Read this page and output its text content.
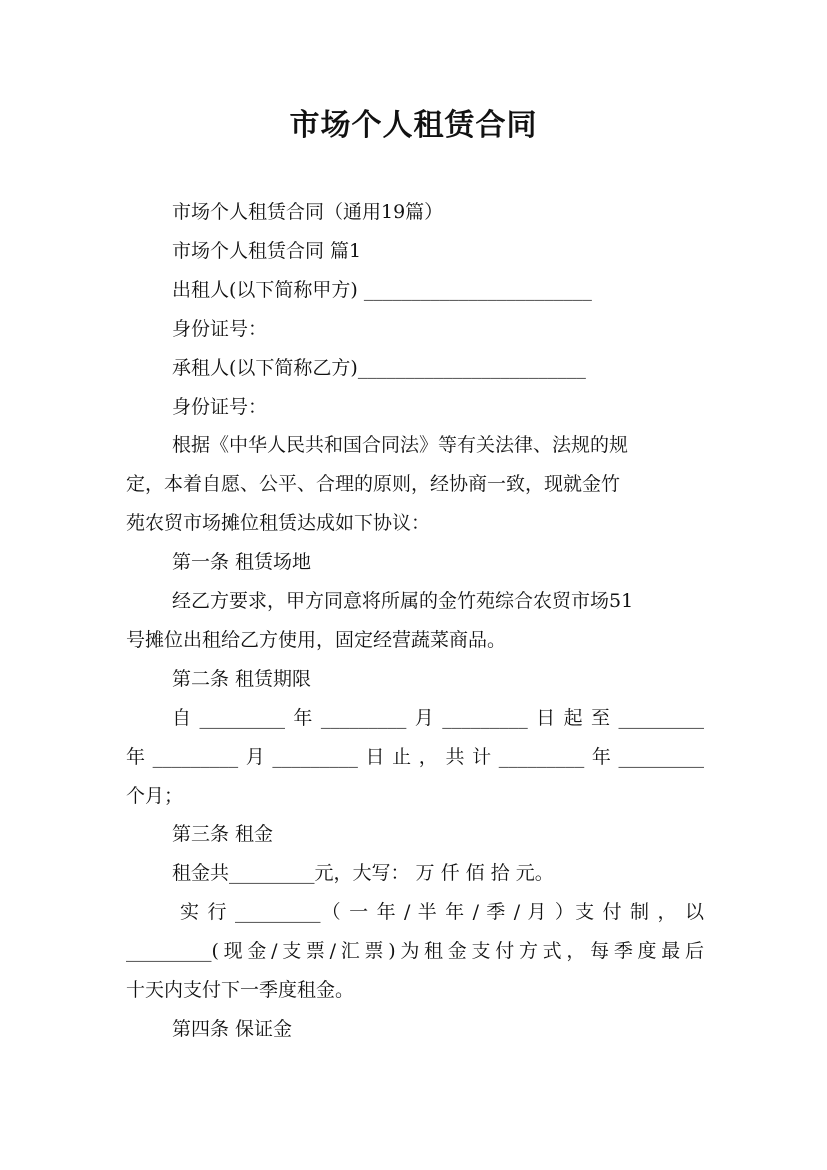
市场个人租赁合同
市场个人租赁合同（通用19篇）
市场个人租赁合同 篇1
出租人(以下简称甲方) ________________________
身份证号：
承租人(以下简称乙方)________________________
身份证号：
根据《中华人民共和国合同法》等有关法律、法规的规
定，本着自愿、公平、合理的原则，经协商一致，现就金竹
苑农贸市场摊位租赁达成如下协议：
第一条 租赁场地
经乙方要求，甲方同意将所属的金竹苑综合农贸市场51
号摊位出租给乙方使用，固定经营蔬菜商品。
第二条 租赁期限
自_________年_________月_________日起至_________
年_________月_________日止，共计_________年_________
个月；
第三条 租金
租金共_________元，大写： 万 仟 佰 拾 元。
实 行 _________（ 一 年 / 半 年 / 季 / 月 ）支 付 制 ， 以
_________(现金/支票/汇票)为租金支付方式，每季度最后
十天内支付下一季度租金。
第四条 保证金
